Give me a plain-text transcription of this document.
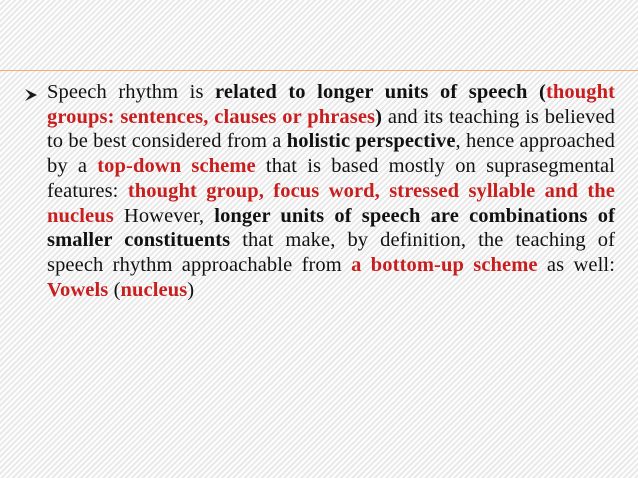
Speech rhythm is related to longer units of speech (thought groups: sentences, clauses or phrases) and its teaching is believed to be best considered from a holistic perspective, hence approached by a top-down scheme that is based mostly on suprasegmental features: thought group, focus word, stressed syllable and the nucleus However, longer units of speech are combinations of smaller constituents that make, by definition, the teaching of speech rhythm approachable from a bottom-up scheme as well: Vowels (nucleus)
